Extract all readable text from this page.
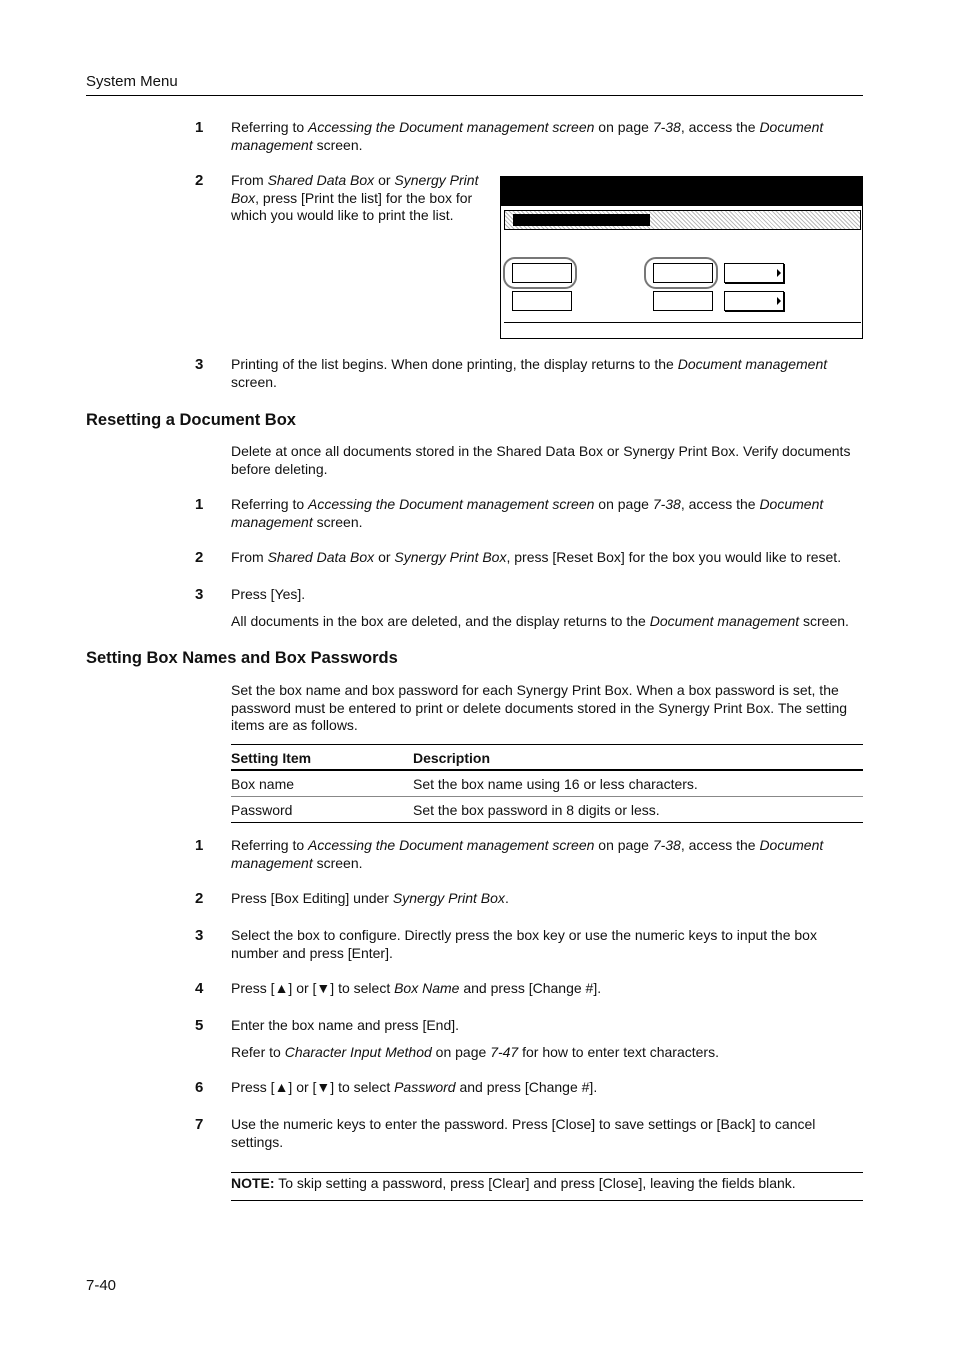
System Menu
1 Referring to Accessing the Document management screen on page 7-38, access the Document management screen.
2 From Shared Data Box or Synergy Print Box, press [Print the list] for the box for which you would like to print the list.
3 Printing of the list begins. When done printing, the display returns to the Document management screen.
Resetting a Document Box
Delete at once all documents stored in the Shared Data Box or Synergy Print Box. Verify documents before deleting.
1 Referring to Accessing the Document management screen on page 7-38, access the Document management screen.
2 From Shared Data Box or Synergy Print Box, press [Reset Box] for the box you would like to reset.
3 Press [Yes].
All documents in the box are deleted, and the display returns to the Document management screen.
Setting Box Names and Box Passwords
Set the box name and box password for each Synergy Print Box. When a box password is set, the password must be entered to print or delete documents stored in the Synergy Print Box. The setting items are as follows.
Setting Item	Description
Box name	Set the box name using 16 or less characters.
Password	Set the box password in 8 digits or less.
1 Referring to Accessing the Document management screen on page 7-38, access the Document management screen.
2 Press [Box Editing] under Synergy Print Box.
3 Select the box to configure. Directly press the box key or use the numeric keys to input the box number and press [Enter].
4 Press [▲] or [▼] to select Box Name and press [Change #].
5 Enter the box name and press [End].
Refer to Character Input Method on page 7-47 for how to enter text characters.
6 Press [▲] or [▼] to select Password and press [Change #].
7 Use the numeric keys to enter the password. Press [Close] to save settings or [Back] to cancel settings.
NOTE: To skip setting a password, press [Clear] and press [Close], leaving the fields blank.
7-40
